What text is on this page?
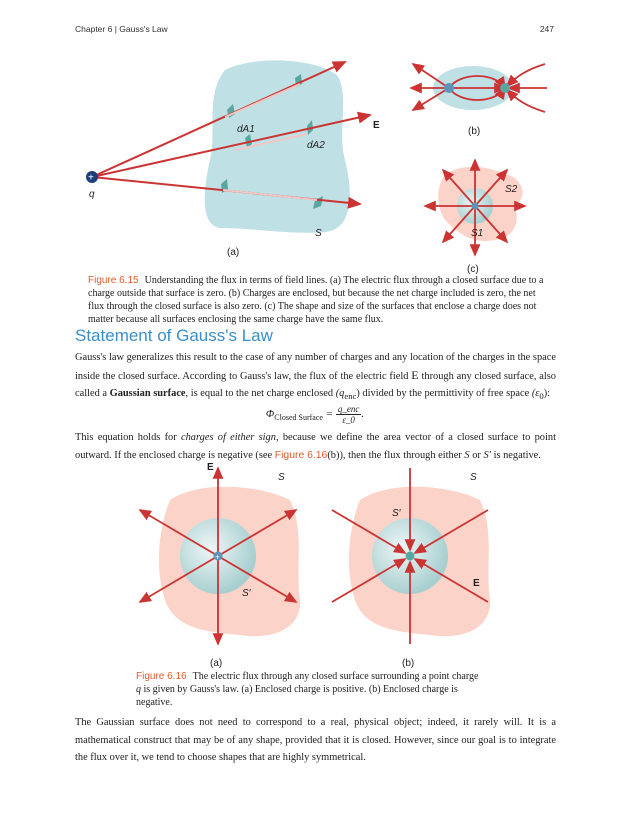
Chapter 6 | Gauss's Law	247
+
q
dA1
dA2
E
S
(a)
(b)
S2
S1
(c)
Figure 6.15 Understanding the flux in terms of field lines. (a) The electric flux through a closed surface due to a charge outside that surface is zero. (b) Charges are enclosed, but because the net charge included is zero, the net flux through the closed surface is also zero. (c) The shape and size of the surfaces that enclose a charge does not matter because all surfaces enclosing the same charge have the same flux.
Statement of Gauss's Law
Gauss's law generalizes this result to the case of any number of charges and any location of the charges in the space inside the closed surface. According to Gauss's law, the flux of the electric field E through any closed surface, also called a Gaussian surface, is equal to the net charge enclosed $(q_{enc})$ divided by the permittivity of free space $(\varepsilon_0)$:
$\Phi_{Closed Surface} = \frac{\text{q\_enc}}{\varepsilon\_0}$ .
This equation holds for charges of either sign, because we define the area vector of a closed surface to point outward. If the enclosed charge is negative (see Figure 6.16(b)), then the flux through either S or S′ is negative.
+
E
S
S′
(a)
S
S′
E
(b)
Figure 6.16 The electric flux through any closed surface surrounding a point charge q is given by Gauss's law. (a) Enclosed charge is positive. (b) Enclosed charge is negative.
The Gaussian surface does not need to correspond to a real, physical object; indeed, it rarely will. It is a mathematical construct that may be of any shape, provided that it is closed. However, since our goal is to integrate the flux over it, we tend to choose shapes that are highly symmetrical.
